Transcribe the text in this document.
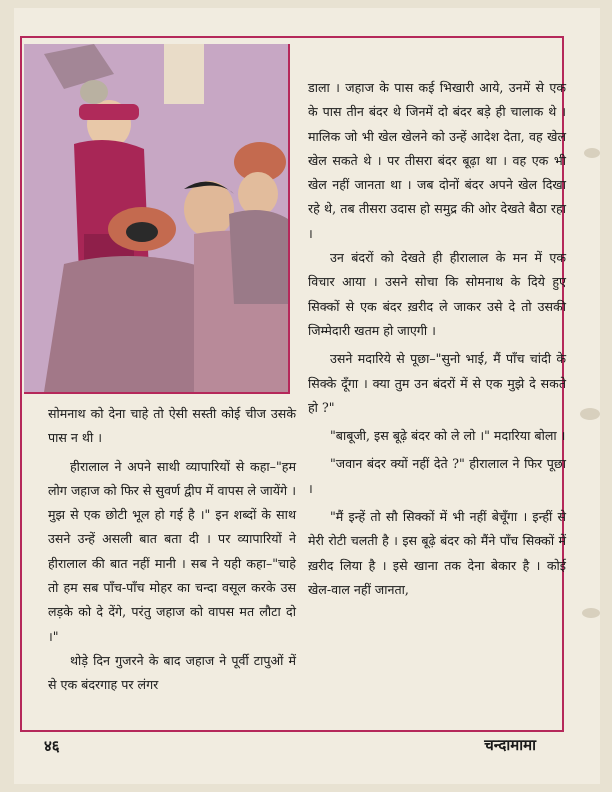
डाला । जहाज के पास कई भिखारी आये, उनमें से एक के पास तीन बंदर थे जिनमें दो बंदर बड़े ही चालाक थे । मालिक जो भी खेल खेलने को उन्हें आदेश देता, वह खेल खेल सकते थे । पर तीसरा बंदर बूढ़ा था । वह एक भी खेल नहीं जानता था । जब दोनों बंदर अपने खेल दिखा रहे थे, तब तीसरा उदास हो समुद्र की ओर देखते बैठा रहा ।

उन बंदरों को देखते ही हीरालाल के मन में एक विचार आया । उसने सोचा कि सोमनाथ के दिये हुए सिक्कों से एक बंदर ख़रीद ले जाकर उसे दे तो उसकी जिम्मेदारी खतम हो जाएगी ।

उसने मदारिये से पूछा–"सुनो भाई, मैं पाँच चांदी के सिक्के दूँगा । क्या तुम उन बंदरों में से एक मुझे दे सकते हो ?"

"बाबूजी, इस बूढ़े बंदर को ले लो ।" मदारिया बोला ।

"जवान बंदर क्यों नहीं देते ?" हीरालाल ने फिर पूछा ।

"मैं इन्हें तो सौ सिक्कों में भी नहीं बेचूँगा । इन्हीं से मेरी रोटी चलती है । इस बूढ़े बंदर को मैंने पाँच सिक्कों में ख़रीद लिया है । इसे खाना तक देना बेकार है । कोई खेल-वाल नहीं जानता,

सोमनाथ को देना चाहे तो ऐसी सस्ती कोई चीज उसके पास न थी ।

हीरालाल ने अपने साथी व्यापारियों से कहा–"हम लोग जहाज को फिर से सुवर्ण द्वीप में वापस ले जायेंगे । मुझ से एक छोटी भूल हो गई है ।" इन शब्दों के साथ उसने उन्हें असली बात बता दी । पर व्यापारियों ने हीरालाल की बात नहीं मानी । सब ने यही कहा–"चाहे तो हम सब पाँच-पाँच मोहर का चन्दा वसूल करके उस लड़के को दे देंगे, परंतु जहाज को वापस मत लौटा दो ।"

थोड़े दिन गुजरने के बाद जहाज ने पूर्वी टापुओं में से एक बंदरगाह पर लंगर

४६	चन्दामामा
